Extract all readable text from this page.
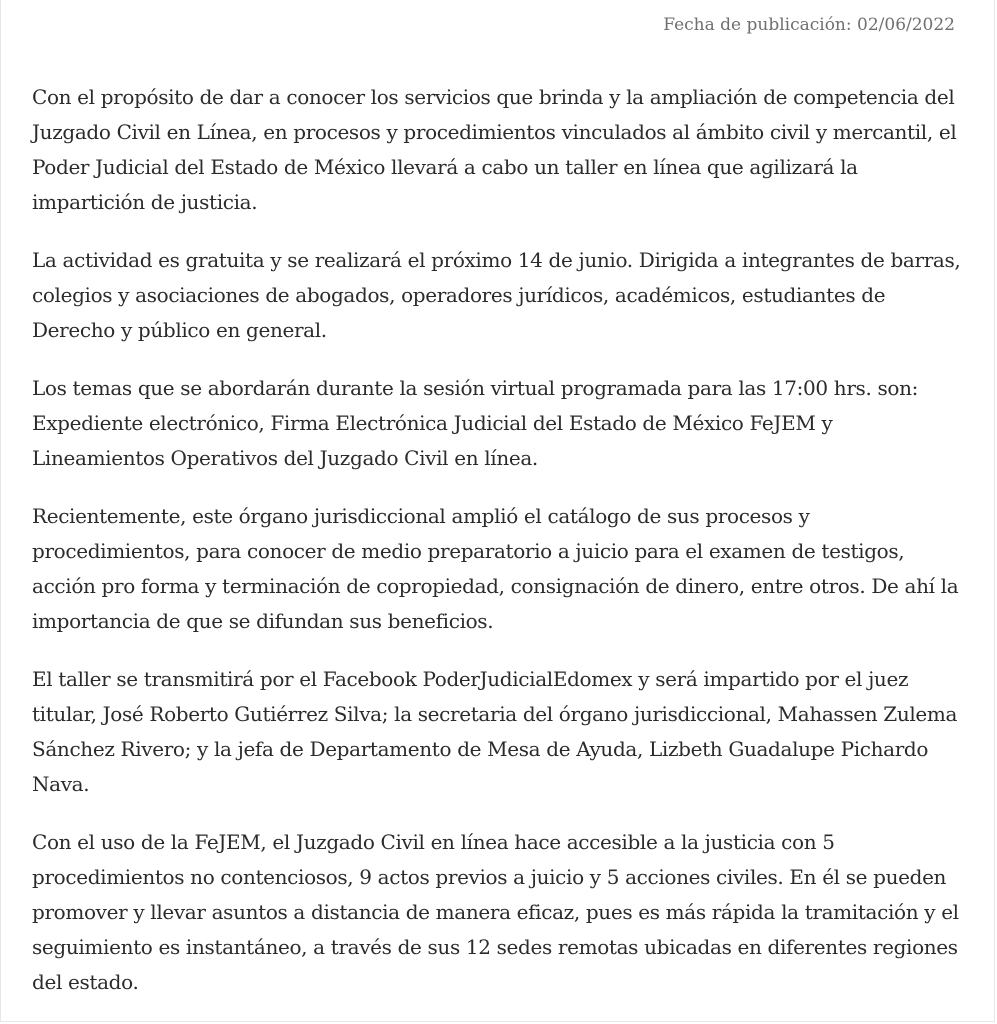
Fecha de publicación: 02/06/2022

Con el propósito de dar a conocer los servicios que brinda y la ampliación de competencia del Juzgado Civil en Línea, en procesos y procedimientos vinculados al ámbito civil y mercantil, el Poder Judicial del Estado de México llevará a cabo un taller en línea que agilizará la impartición de justicia.

La actividad es gratuita y se realizará el próximo 14 de junio. Dirigida a integrantes de barras, colegios y asociaciones de abogados, operadores jurídicos, académicos, estudiantes de Derecho y público en general.

Los temas que se abordarán durante la sesión virtual programada para las 17:00 hrs. son: Expediente electrónico, Firma Electrónica Judicial del Estado de México FeJEM y Lineamientos Operativos del Juzgado Civil en línea.

Recientemente, este órgano jurisdiccional amplió el catálogo de sus procesos y procedimientos, para conocer de medio preparatorio a juicio para el examen de testigos, acción pro forma y terminación de copropiedad, consignación de dinero, entre otros. De ahí la importancia de que se difundan sus beneficios.

El taller se transmitirá por el Facebook PoderJudicialEdomex y será impartido por el juez titular, José Roberto Gutiérrez Silva; la secretaria del órgano jurisdiccional, Mahassen Zulema Sánchez Rivero; y la jefa de Departamento de Mesa de Ayuda, Lizbeth Guadalupe Pichardo Nava.

Con el uso de la FeJEM, el Juzgado Civil en línea hace accesible a la justicia con 5 procedimientos no contenciosos, 9 actos previos a juicio y 5 acciones civiles. En él se pueden promover y llevar asuntos a distancia de manera eficaz, pues es más rápida la tramitación y el seguimiento es instantáneo, a través de sus 12 sedes remotas ubicadas en diferentes regiones del estado.
